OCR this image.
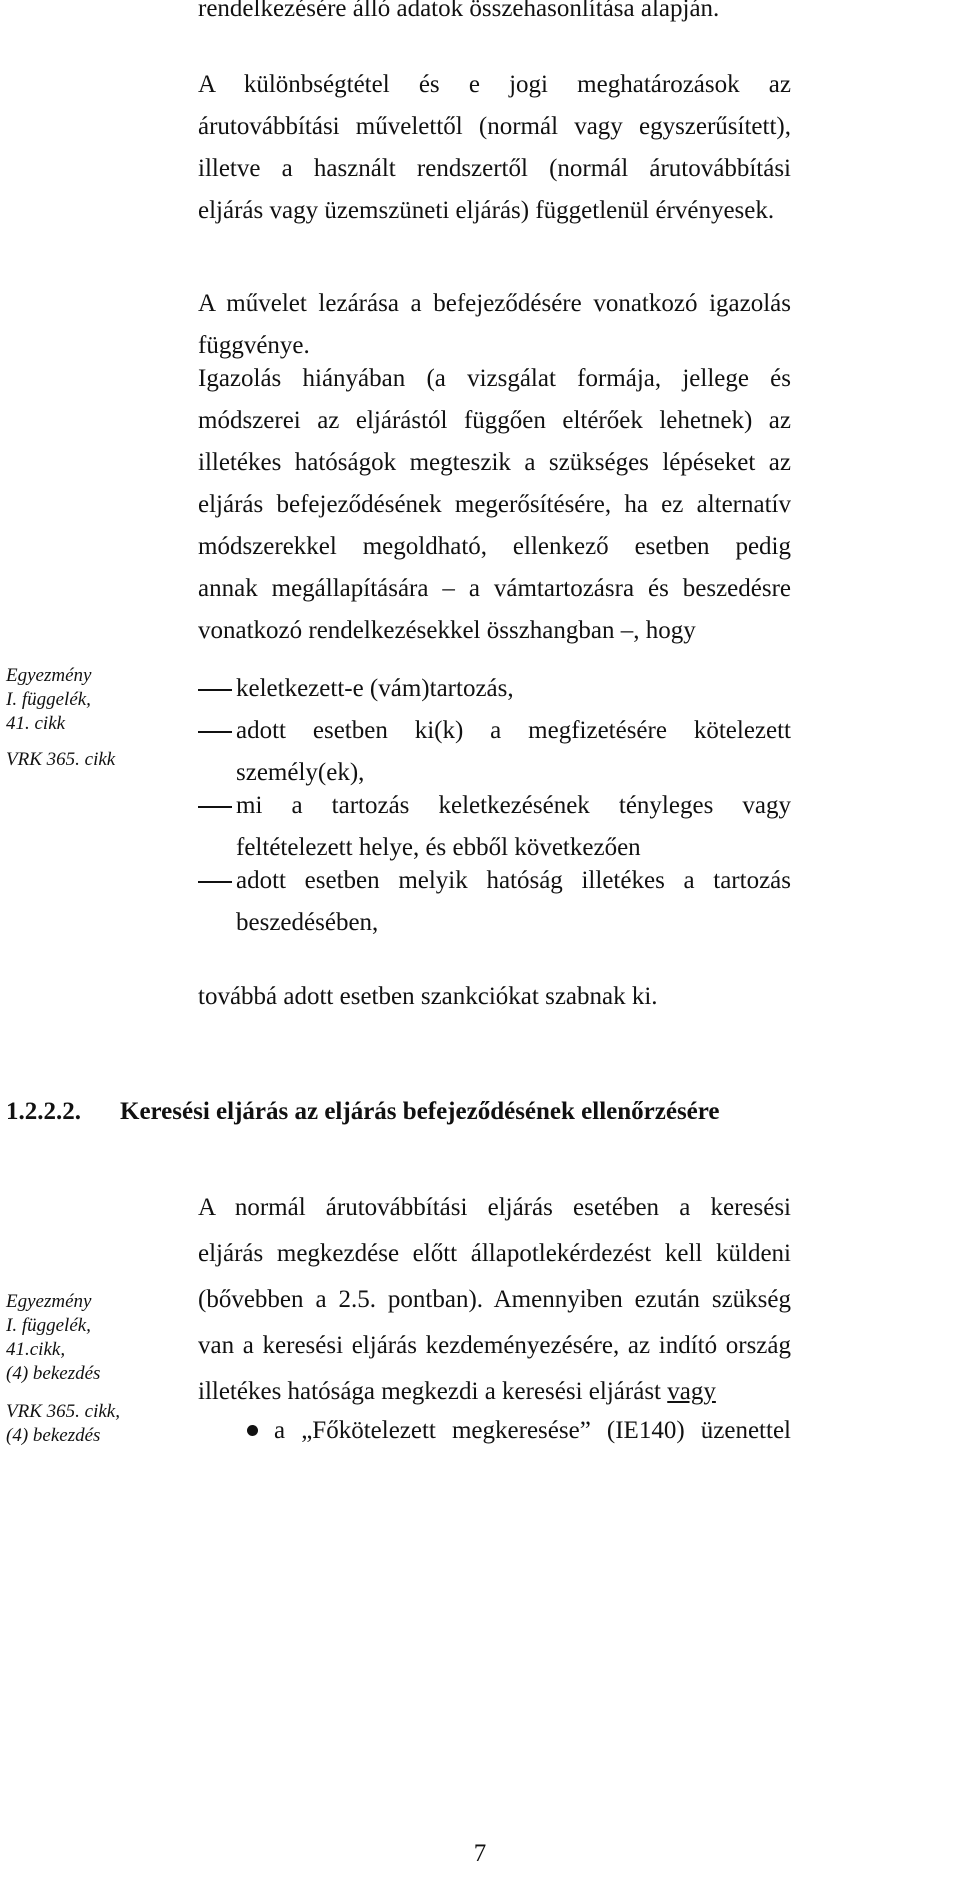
rendelkezésére álló adatok összehasonlítása alapján.
A különbségtétel és e jogi meghatározások az
árutovábbítási művelettől (normál vagy egyszerűsített),
illetve a használt rendszertől (normál árutovábbítási
eljárás vagy üzemszüneti eljárás) függetlenül érvényesek.
A művelet lezárása a befejeződésére vonatkozó igazolás
függvénye.
Igazolás hiányában (a vizsgálat formája, jellege és
módszerei az eljárástól függően eltérőek lehetnek) az
illetékes hatóságok megteszik a szükséges lépéseket az
eljárás befejeződésének megerősítésére, ha ez alternatív
módszerekkel megoldható, ellenkező esetben pedig
annak megállapítására – a vámtartozásra és beszedésre
vonatkozó rendelkezésekkel összhangban –, hogy
Egyezmény
I. függelék,
41. cikk
VRK 365. cikk
keletkezett-e (vám)tartozás,
adott esetben ki(k) a megfizetésére kötelezett
személy(ek),
mi a tartozás keletkezésének tényleges vagy
feltételezett helye, és ebből következően
adott esetben melyik hatóság illetékes a tartozás
beszedésében,
továbbá adott esetben szankciókat szabnak ki.
1.2.2.2. Keresési eljárás az eljárás befejeződésének ellenőrzésére
A normál árutovábbítási eljárás esetében a keresési
eljárás megkezdése előtt állapotlekérdezést kell küldeni
(bővebben a 2.5. pontban). Amennyiben ezután szükség
van a keresési eljárás kezdeményezésére, az indító ország
illetékes hatósága megkezdi a keresési eljárást vagy
Egyezmény
I. függelék,
41.cikk,
(4) bekezdés
VRK 365. cikk,
(4) bekezdés	a „Főkötelezett megkeresése” (IE140) üzenettel
7
